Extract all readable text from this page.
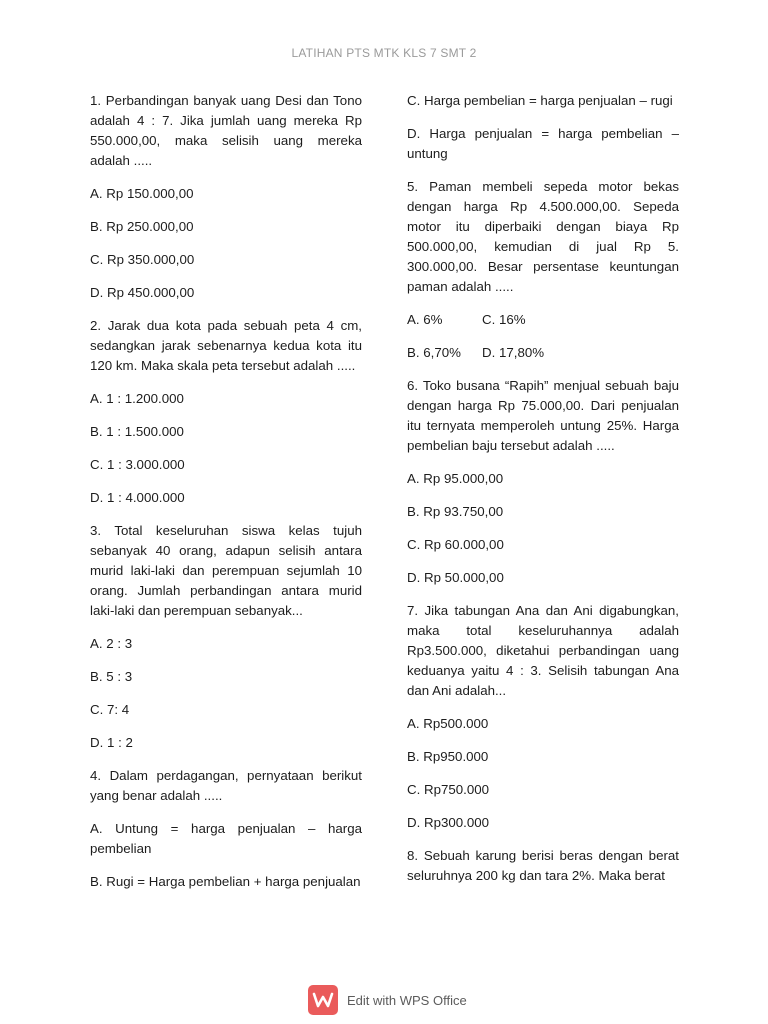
LATIHAN PTS MTK KLS 7 SMT 2

1. Perbandingan banyak uang Desi dan Tono adalah 4 : 7. Jika jumlah uang mereka Rp 550.000,00, maka selisih uang mereka adalah .....

A. Rp 150.000,00
B. Rp 250.000,00
C. Rp 350.000,00
D. Rp 450.000,00

2. Jarak dua kota pada sebuah peta 4 cm, sedangkan jarak sebenarnya kedua kota itu 120 km. Maka skala peta tersebut adalah .....

A. 1 : 1.200.000
B. 1 : 1.500.000
C. 1 : 3.000.000
D. 1 : 4.000.000

3. Total keseluruhan siswa kelas tujuh sebanyak 40 orang, adapun selisih antara murid laki-laki dan perempuan sejumlah 10 orang. Jumlah perbandingan antara murid laki-laki dan perempuan sebanyak...

A. 2 : 3
B. 5 : 3
C. 7: 4
D. 1 : 2

4. Dalam perdagangan, pernyataan berikut yang benar adalah .....

A. Untung = harga penjualan – harga pembelian

B. Rugi = Harga pembelian + harga penjualan

C. Harga pembelian = harga penjualan – rugi

D. Harga penjualan = harga pembelian – untung

5. Paman membeli sepeda motor bekas dengan harga Rp 4.500.000,00. Sepeda motor itu diperbaiki dengan biaya Rp 500.000,00, kemudian di jual Rp 5. 300.000,00. Besar persentase keuntungan paman adalah .....

A. 6%	C. 16%
B. 6,70%	D. 17,80%

6. Toko busana “Rapih” menjual sebuah baju dengan harga Rp 75.000,00. Dari penjualan itu ternyata memperoleh untung 25%. Harga pembelian baju tersebut adalah .....

A. Rp 95.000,00
B. Rp 93.750,00
C. Rp 60.000,00
D. Rp 50.000,00

7. Jika tabungan Ana dan Ani digabungkan, maka total keseluruhannya adalah Rp3.500.000, diketahui perbandingan uang keduanya yaitu 4 : 3. Selisih tabungan Ana dan Ani adalah...

A. Rp500.000
B. Rp950.000
C. Rp750.000
D. Rp300.000

8. Sebuah karung berisi beras dengan berat seluruhnya 200 kg dan tara 2%. Maka berat

Edit with WPS Office
